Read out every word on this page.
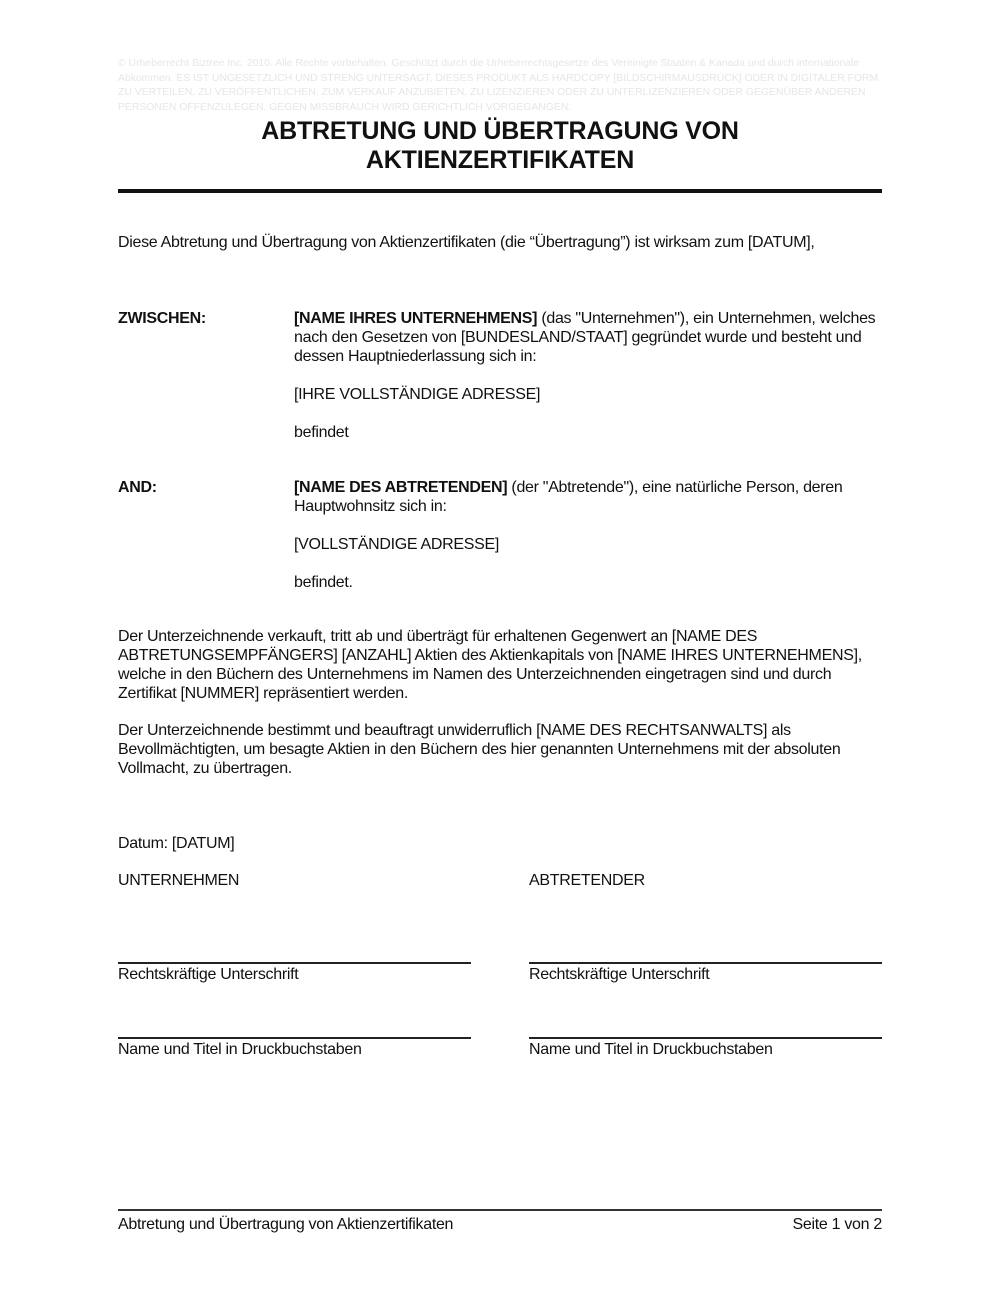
© Urheberrecht Biztree Inc. 2010. Alle Rechte vorbehalten. Geschützt durch die Urheberrechtsgesetze des Vereinigte Staaten & Kanada und durch internationale Abkommen. ES IST UNGESETZLICH UND STRENG UNTERSAGT, DIESES PRODUKT ALS HARDCOPY [BILDSCHIRMAUSDRUCK] ODER IN DIGITALER FORM ZU VERTEILEN, ZU VERÖFFENTLICHEN, ZUM VERKAUF ANZUBIETEN, ZU LIZENZIEREN ODER ZU UNTERLIZENZIEREN ODER GEGENÜBER ANDEREN PERSONEN OFFENZULEGEN. GEGEN MISSBRAUCH WIRD GERICHTLICH VORGEGANGEN.
ABTRETUNG UND ÜBERTRAGUNG VON
AKTIENZERTIFIKATEN
Diese Abtretung und Übertragung von Aktienzertifikaten (die “Übertragung”) ist wirksam zum [DATUM],
ZWISCHEN:	[NAME IHRES UNTERNEHMENS] (das "Unternehmen"), ein Unternehmen, welches nach den Gesetzen von [BUNDESLAND/STAAT] gegründet wurde und besteht und dessen Hauptniederlassung sich in:

[IHRE VOLLSTÄNDIGE ADRESSE]

befindet

AND:	[NAME DES ABTRETENDEN] (der "Abtretende"), eine natürliche Person, deren Hauptwohnsitz sich in:

[VOLLSTÄNDIGE ADRESSE]

befindet.

Der Unterzeichnende verkauft, tritt ab und überträgt für erhaltenen Gegenwert an [NAME DES ABTRETUNGSEMPFÄNGERS] [ANZAHL] Aktien des Aktienkapitals von [NAME IHRES UNTERNEHMENS], welche in den Büchern des Unternehmens im Namen des Unterzeichnenden eingetragen sind und durch Zertifikat [NUMMER] repräsentiert werden.

Der Unterzeichnende bestimmt und beauftragt unwiderruflich [NAME DES RECHTSANWALTS] als Bevollmächtigten, um besagte Aktien in den Büchern des hier genannten Unternehmens mit der absoluten Vollmacht, zu übertragen.

Datum: [DATUM]
UNTERNEHMEN	ABTRETENDER
Rechtskräftige Unterschrift	Rechtskräftige Unterschrift
Name und Titel in Druckbuchstaben	Name und Titel in Druckbuchstaben
Abtretung und Übertragung von Aktienzertifikaten	Seite 1 von 2
